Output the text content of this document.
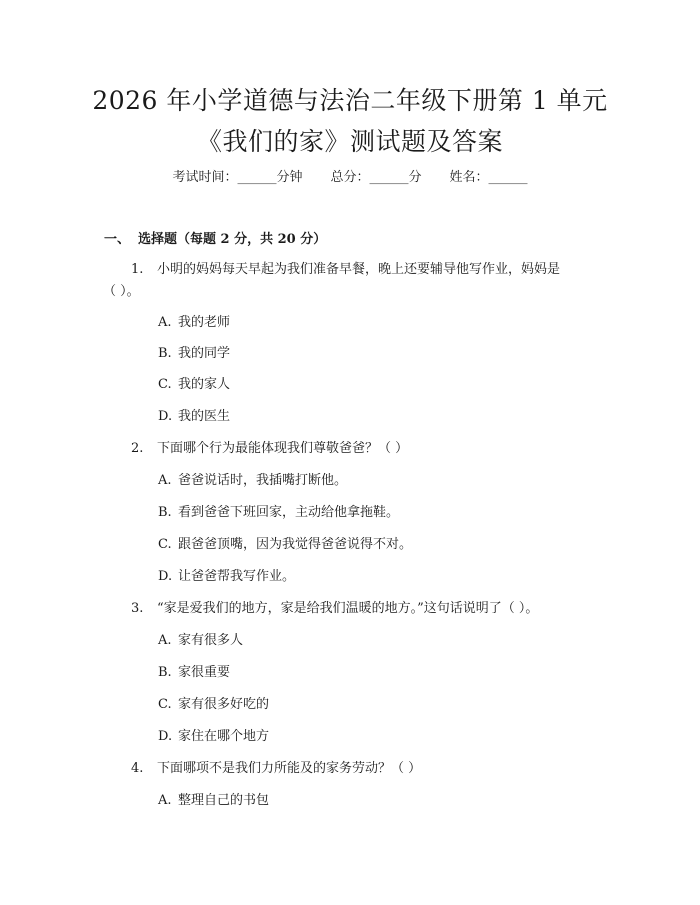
2026 年小学道德与法治二年级下册第 1 单元
《我们的家》测试题及答案
考试时间：______分钟 总分：______分 姓名：______
一、 选择题（每题 2 分，共 20 分）
1. 小明的妈妈每天早起为我们准备早餐，晚上还要辅导他写作业，妈妈是
（ ）。
A. 我的老师
B. 我的同学
C. 我的家人
D. 我的医生
2. 下面哪个行为最能体现我们尊敬爸爸？（ ）
A. 爸爸说话时，我插嘴打断他。
B. 看到爸爸下班回家，主动给他拿拖鞋。
C. 跟爸爸顶嘴，因为我觉得爸爸说得不对。
D. 让爸爸帮我写作业。
3. “家是爱我们的地方，家是给我们温暖的地方。”这句话说明了（ ）。
A. 家有很多人
B. 家很重要
C. 家有很多好吃的
D. 家住在哪个地方
4. 下面哪项不是我们力所能及的家务劳动？（ ）
A. 整理自己的书包
